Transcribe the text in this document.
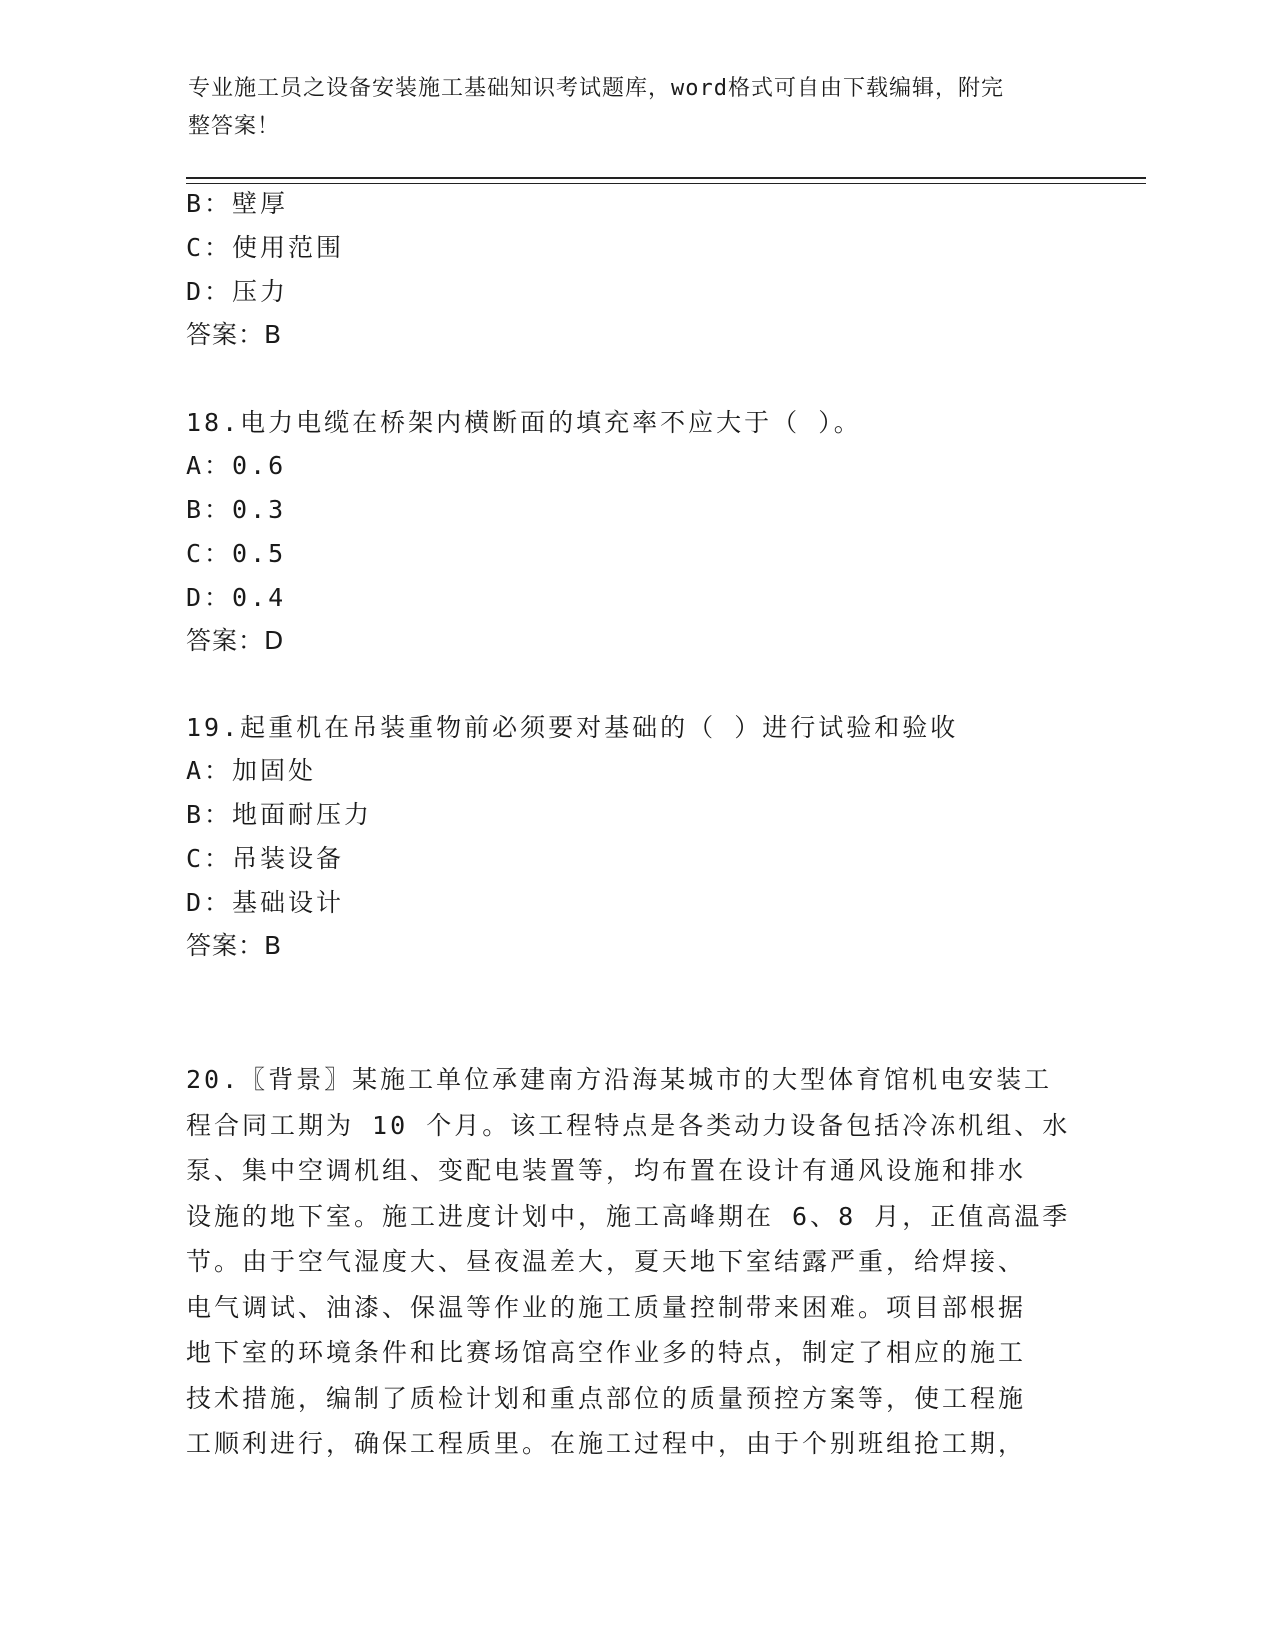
专业施工员之设备安装施工基础知识考试题库，word格式可自由下载编辑，附完
整答案！
B：壁厚
C：使用范围
D：压力
答案：B
18.电力电缆在桥架内横断面的填充率不应大于（ ）。
A：0.6
B：0.3
C：0.5
D：0.4
答案：D
19.起重机在吊装重物前必须要对基础的（ ）进行试验和验收
A：加固处
B：地面耐压力
C：吊装设备
D：基础设计
答案：B
20.〖背景〗某施工单位承建南方沿海某城市的大型体育馆机电安装工
程合同工期为 10 个月。该工程特点是各类动力设备包括冷冻机组、水
泵、集中空调机组、变配电装置等，均布置在设计有通风设施和排水
设施的地下室。施工进度计划中，施工高峰期在 6、8 月，正值高温季
节。由于空气湿度大、昼夜温差大，夏天地下室结露严重，给焊接、
电气调试、油漆、保温等作业的施工质量控制带来困难。项目部根据
地下室的环境条件和比赛场馆高空作业多的特点，制定了相应的施工
技术措施，编制了质检计划和重点部位的质量预控方案等，使工程施
工顺利进行，确保工程质里。在施工过程中，由于个别班组抢工期，
